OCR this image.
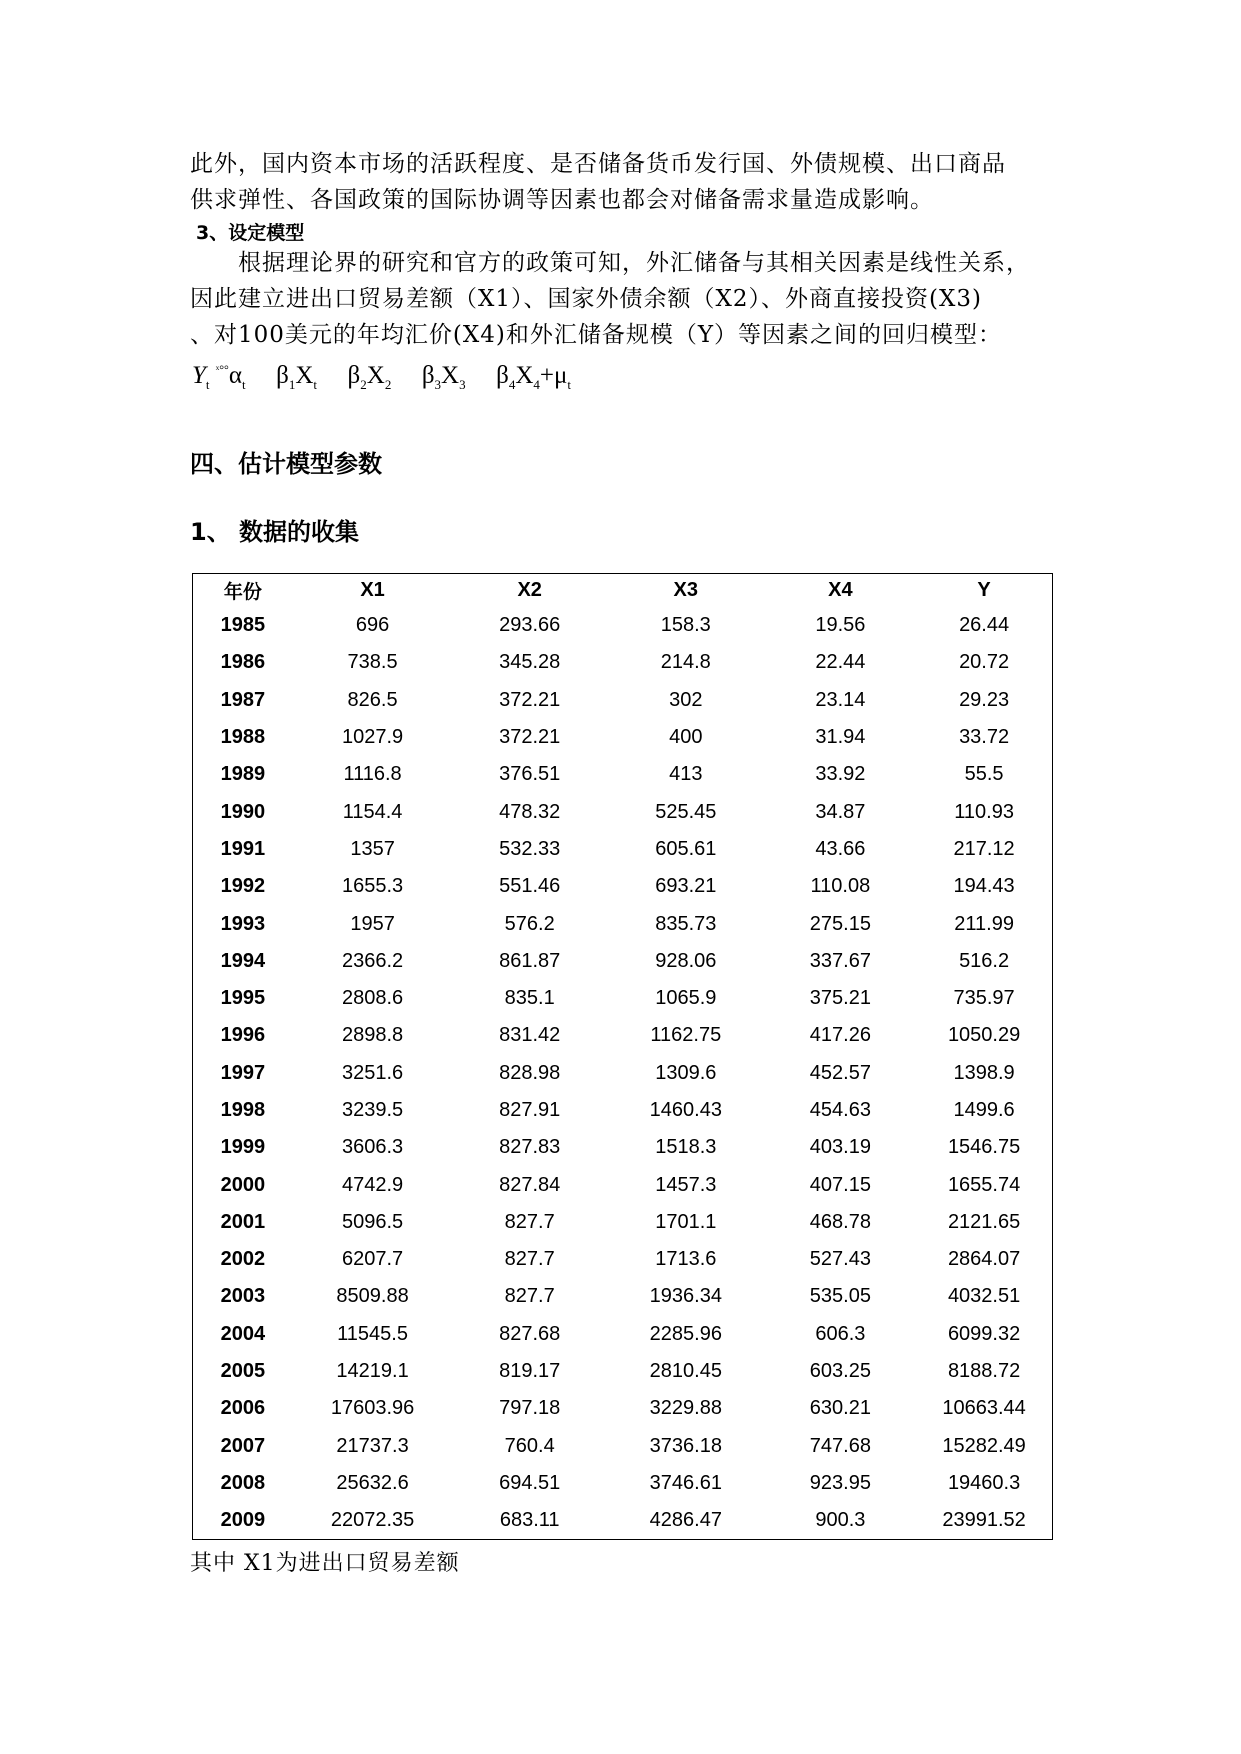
此外，国内资本市场的活跃程度、是否储备货币发行国、外债规模、出口商品
供求弹性、各国政策的国际协调等因素也都会对储备需求量造成影响。
3、设定模型
　　根据理论界的研究和官方的政策可知，外汇储备与其相关因素是线性关系，
因此建立进出口贸易差额（X1）、国家外债余额（X2）、外商直接投资(X3)
、对100美元的年均汇价(X4)和外汇储备规模（Y）等因素之间的回归模型：
$Y_t$ $^{ˣ^\circ^\circ}\alpha_t$ $\beta_1X_t$ $\beta_2X_2$ $\beta_3X_3$ $\beta_4X_4+\mu_t$
四、估计模型参数
1、 数据的收集
年份	X1	X2	X3	X4	Y
1985	696	293.66	158.3	19.56	26.44
1986	738.5	345.28	214.8	22.44	20.72
1987	826.5	372.21	302	23.14	29.23
1988	1027.9	372.21	400	31.94	33.72
1989	1116.8	376.51	413	33.92	55.5
1990	1154.4	478.32	525.45	34.87	110.93
1991	1357	532.33	605.61	43.66	217.12
1992	1655.3	551.46	693.21	110.08	194.43
1993	1957	576.2	835.73	275.15	211.99
1994	2366.2	861.87	928.06	337.67	516.2
1995	2808.6	835.1	1065.9	375.21	735.97
1996	2898.8	831.42	1162.75	417.26	1050.29
1997	3251.6	828.98	1309.6	452.57	1398.9
1998	3239.5	827.91	1460.43	454.63	1499.6
1999	3606.3	827.83	1518.3	403.19	1546.75
2000	4742.9	827.84	1457.3	407.15	1655.74
2001	5096.5	827.7	1701.1	468.78	2121.65
2002	6207.7	827.7	1713.6	527.43	2864.07
2003	8509.88	827.7	1936.34	535.05	4032.51
2004	11545.5	827.68	2285.96	606.3	6099.32
2005	14219.1	819.17	2810.45	603.25	8188.72
2006	17603.96	797.18	3229.88	630.21	10663.44
2007	21737.3	760.4	3736.18	747.68	15282.49
2008	25632.6	694.51	3746.61	923.95	19460.3
2009	22072.35	683.11	4286.47	900.3	23991.52
其中 X1为进出口贸易差额
